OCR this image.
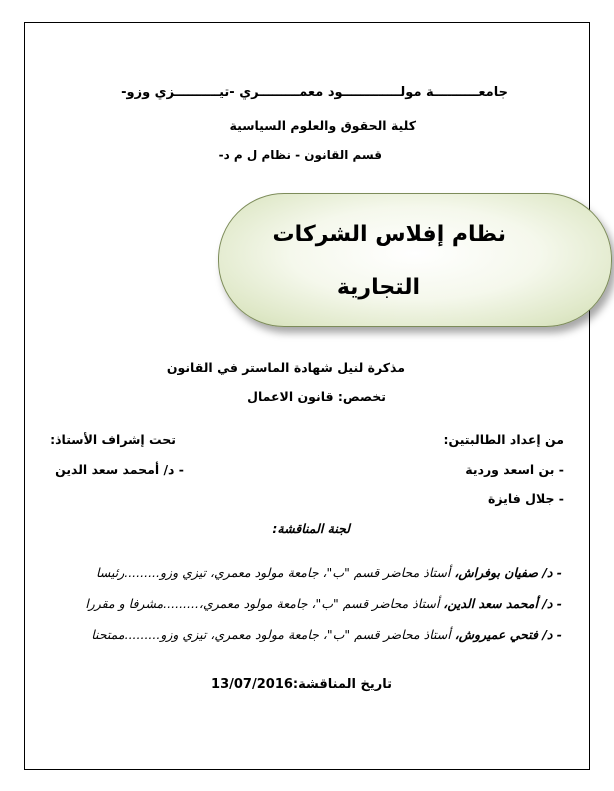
جامعــــــــــة مولـــــــــــــود معمـــــــــري -تيــــــــــزي وزو-
كلية الحقوق والعلوم السياسية
قسم القانون - نظام ل م د-
نظام إفلاس الشركات
التجارية
مذكرة لنيل شهادة الماستر في القانون
تخصص: قانون الاعمال
من إعداد الطالبتين:
- بن اسعد وردية
- جلال فايزة
تحت إشراف الأستاذ:
- د/ أمحمد سعد الدين
لجنة المناقشة:
- د/ صفيان بوفراش، أستاذ محاضر قسم "ب"، جامعة مولود معمري، تيزي وزو.........رئيسا
- د/ أمحمد سعد الدين، أستاذ محاضر قسم "ب"، جامعة مولود معمري،.........مشرفا و مقررا
- د/ فتحي عميروش، أستاذ محاضر قسم "ب"، جامعة مولود معمري، تيزي وزو.........ممتحنا
تاريخ المناقشة:13/07/2016
